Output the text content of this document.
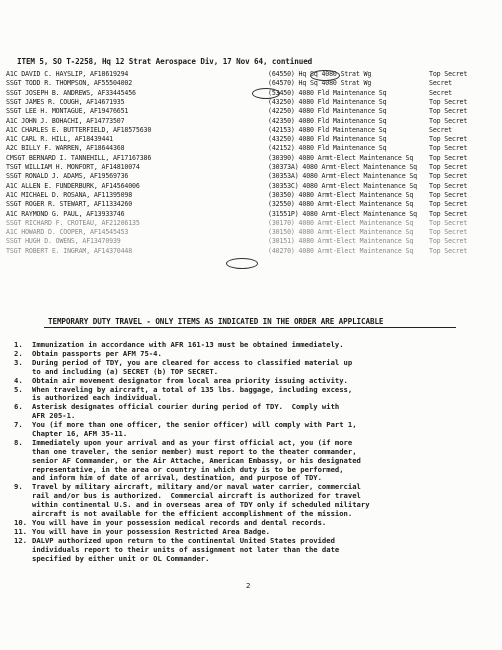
ITEM 5, SO T-2258, Hq 12 Strat Aerospace Div, 17 Nov 64, continued
A1C DAVID C. HAYSLIP, AF18619294	(64550) Hq Sq 4080 Strat Wg	Top Secret
SSGT TODD R. THOMPSON, AF55504002	(64570) Hq Sq 4080 Strat Wg	Secret
SSGT JOSEPH B. ANDREWS, AF33445456	(53450) 4080 Fld Maintenance Sq	Secret
SSGT JAMES R. COUGH, AF14671935	(43250) 4080 Fld Maintenance Sq	Top Secret
SSGT LEE H. MONTAGUE, AF19476651	(42250) 4080 Fld Maintenance Sq	Top Secret
A1C JOHN J. BOHACHI, AF14773507	(42350) 4080 Fld Maintenance Sq	Top Secret
A1C CHARLES E. BUTTERFIELD, AF18575630	(42153) 4080 Fld Maintenance Sq	Secret
A1C CARL R. HILL, AF18439441	(43250) 4080 Fld Maintenance Sq	Top Secret
A2C BILLY F. WARREN, AF18644368	(42152) 4080 Fld Maintenance Sq	Top Secret
CMSGT BERNARD I. TANNEHILL, AF17167386	(30390) 4080 Armt-Elect Maintenance Sq Top Secret
TSGT WILLIAM H. MONFORT, AF14810074	(30373A) 4080 Armt-Elect Maintenance Sq Top Secret
SSGT RONALD J. ADAMS, AF19569736	(30353A) 4080 Armt-Elect Maintenance Sq Top Secret
A1C ALLEN E. FUNDERBURK, AF14564006	(30353C) 4080 Armt-Elect Maintenance Sq Top Secret
A1C MICHAEL D. ROSANA, AF11395098	(30350) 4080 Armt-Elect Maintenance Sq Top Secret
SSGT ROGER R. STEWART, AF11334260	(32550) 4080 Armt-Elect Maintenance Sq Top Secret
A1C RAYMOND G. PAUL, AF13933746	(31551P) 4080 Armt-Elect Maintenance Sq Top Secret
SSGT RICHARD F. CROTEAU, AF21206135	(30170) 4080 Armt-Elect Maintenance Sq Top Secret
A1C HOWARD D. COOPER, AF14545453	(30150) 4080 Armt-Elect Maintenance Sq Top Secret
SSGT HUGH D. OWENS, AF13470939	(30151) 4080 Armt-Elect Maintenance Sq Top Secret
TSGT ROBERT E. INGRAM, AF14370448	(40270) 4080 Armt-Elect Maintenance Sq Top Secret
TEMPORARY DUTY TRAVEL - ONLY ITEMS AS INDICATED IN THE ORDER ARE APPLICABLE
1. Immunization in accordance with AFR 161-13 must be obtained immediately.
2. Obtain passports per AFM 75-4.
3. During period of TDY, you are cleared for access to classified material up
to and including (a) SECRET (b) TOP SECRET.
4. Obtain air movement designator from local area priority issuing activity.
5. When traveling by aircraft, a total of 135 lbs. baggage, including excess,
is authorized each individual.
6. Asterisk designates official courier during period of TDY.  Comply with
AFR 205-1.
7. You (if more than one officer, the senior officer) will comply with Part 1,
Chapter 16, AFM 35-11.
8. Immediately upon your arrival and as your first official act, you (if more
than one traveler, the senior member) must report to the theater commander,
senior AF Commander, or the Air Attache, American Embassy, or his designated
representative, in the area or country in which duty is to be performed,
and inform him of date of arrival, destination, and purpose of TDY.
9. Travel by military aircraft, military and/or naval water carrier, commercial
rail and/or bus is authorized.  Commercial aircraft is authorized for travel
within continental U.S. and in overseas area of TDY only if scheduled military
aircraft is not available for the efficient accomplishment of the mission.
10. You will have in your possession medical records and dental records.
11. You will have in your possession Restricted Area Badge.
12. DALVP authorized upon return to the continental United States provided
individuals report to their units of assignment not later than the date
specified by either unit or OL Commander.
2
